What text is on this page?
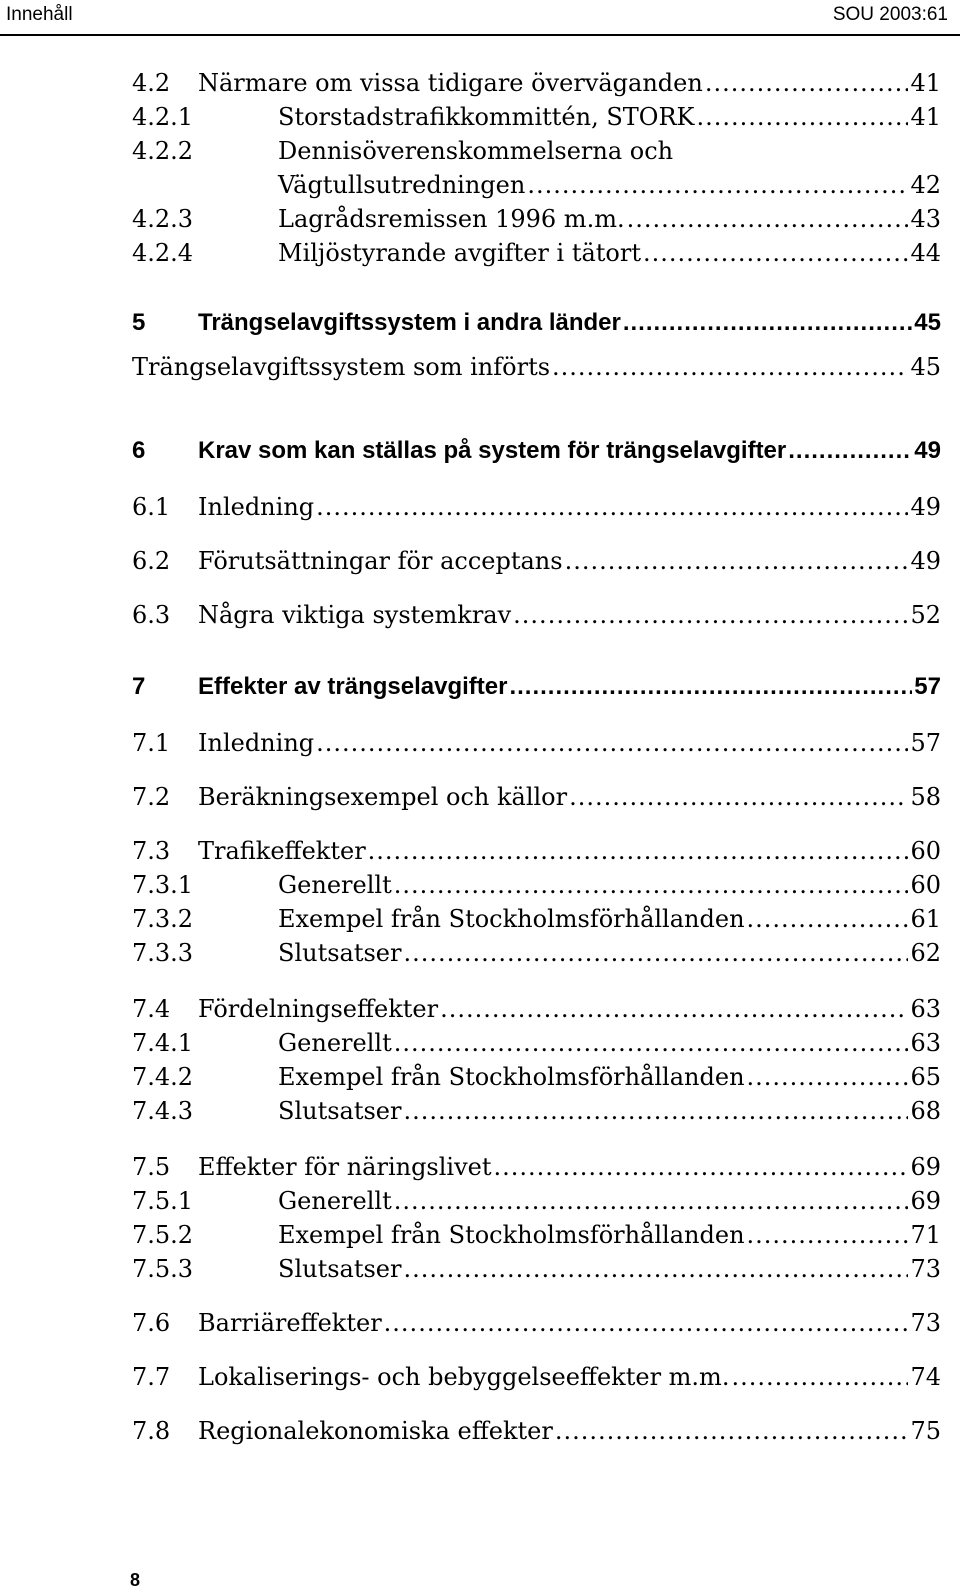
Innehåll	SOU 2003:61
4.2	Närmare om vissa tidigare överväganden .....	41
4.2.1	Storstadstrafikkommittén, STORK .....	41
4.2.2	Dennisöverenskommelserna och
Vägtullsutredningen .....	42
4.2.3	Lagrådsremissen 1996 m.m. .....	43
4.2.4	Miljöstyrande avgifter i tätort .....	44
5	Trängselavgiftssystem i andra länder .....	45
Trängselavgiftssystem som införts .....	45
6	Krav som kan ställas på system för trängselavgifter .....	49
6.1	Inledning .....	49
6.2	Förutsättningar för acceptans .....	49
6.3	Några viktiga systemkrav .....	52
7	Effekter av trängselavgifter .....	57
7.1	Inledning .....	57
7.2	Beräkningsexempel och källor .....	58
7.3	Trafikeffekter .....	60
7.3.1	Generellt .....	60
7.3.2	Exempel från Stockholmsförhållanden .....	61
7.3.3	Slutsatser .....	62
7.4	Fördelningseffekter .....	63
7.4.1	Generellt .....	63
7.4.2	Exempel från Stockholmsförhållanden .....	65
7.4.3	Slutsatser .....	68
7.5	Effekter för näringslivet .....	69
7.5.1	Generellt .....	69
7.5.2	Exempel från Stockholmsförhållanden .....	71
7.5.3	Slutsatser .....	73
7.6	Barriäreffekter .....	73
7.7	Lokaliserings- och bebyggelseeffekter m.m. .....	74
7.8	Regionalekonomiska effekter .....	75
8
